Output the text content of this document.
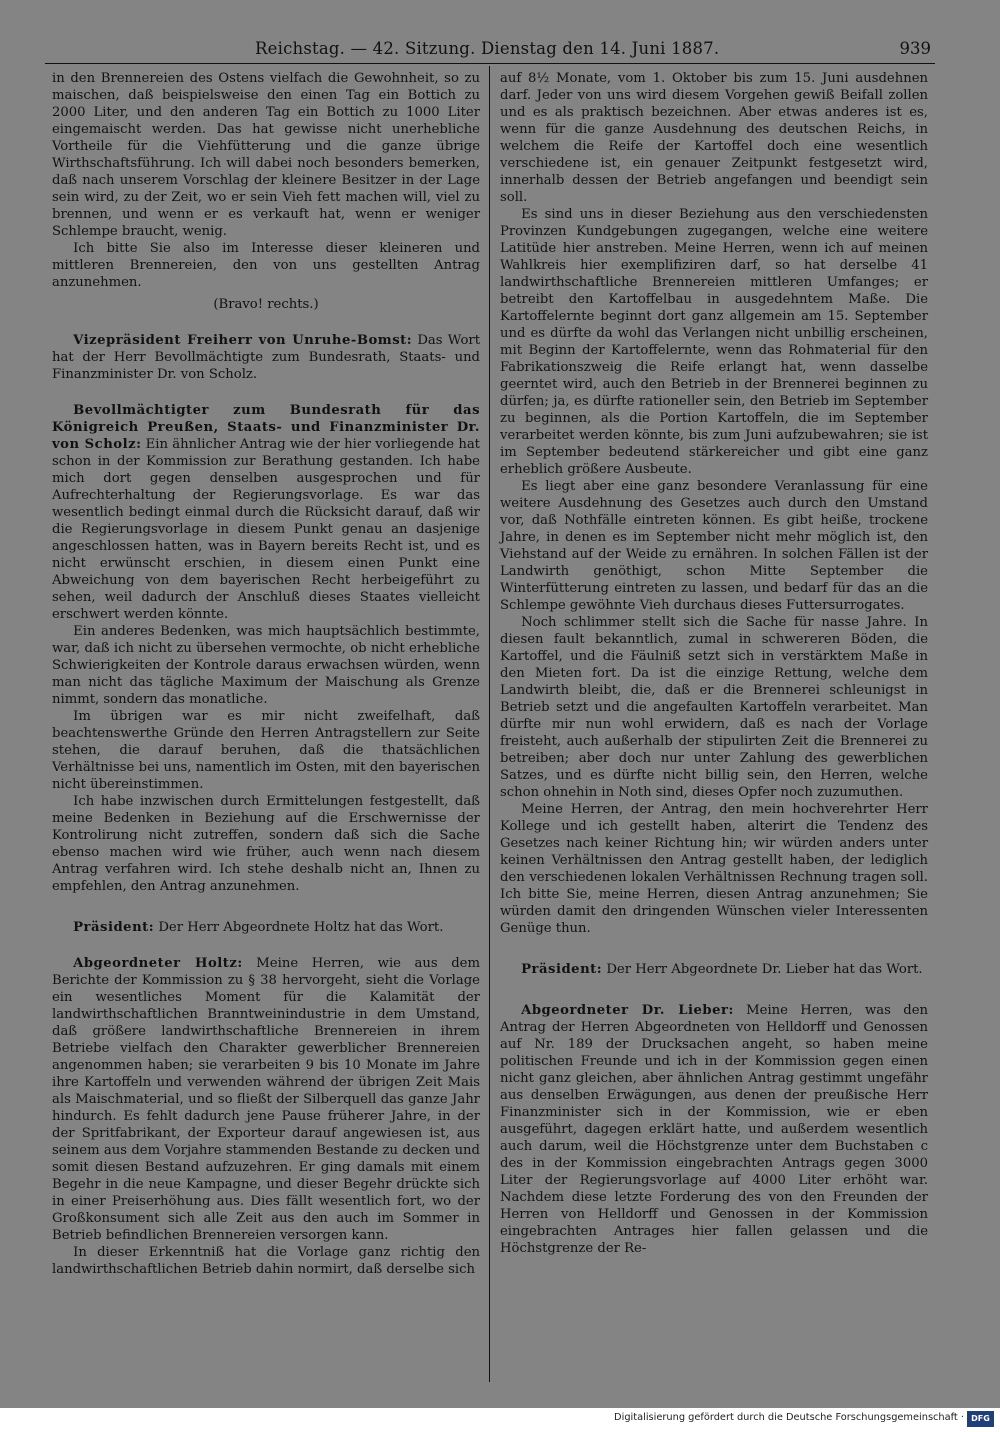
Reichstag. — 42. Sitzung. Dienstag den 14. Juni 1887.	939

in den Brennereien des Ostens vielfach die Gewohnheit, so zu maischen, daß beispielsweise den einen Tag ein Bottich zu 2000 Liter, und den anderen Tag ein Bottich zu 1000 Liter eingemaischt werden. Das hat gewisse nicht unerhebliche Vortheile für die Viehfütterung und die ganze übrige Wirthschaftsführung. Ich will dabei noch besonders bemerken, daß nach unserem Vorschlag der kleinere Besitzer in der Lage sein wird, zu der Zeit, wo er sein Vieh fett machen will, viel zu brennen, und wenn er es verkauft hat, wenn er weniger Schlempe braucht, wenig.

Ich bitte Sie also im Interesse dieser kleineren und mittleren Brennereien, den von uns gestellten Antrag anzunehmen.

(Bravo! rechts.)

Vizepräsident Freiherr von Unruhe-Bomst: Das Wort hat der Herr Bevollmächtigte zum Bundesrath, Staats- und Finanzminister Dr. von Scholz.

Bevollmächtigter zum Bundesrath für das Königreich Preußen, Staats- und Finanzminister Dr. von Scholz: Ein ähnlicher Antrag wie der hier vorliegende hat schon in der Kommission zur Berathung gestanden. Ich habe mich dort gegen denselben ausgesprochen und für Aufrechterhaltung der Regierungsvorlage. Es war das wesentlich bedingt einmal durch die Rücksicht darauf, daß wir die Regierungsvorlage in diesem Punkt genau an dasjenige angeschlossen hatten, was in Bayern bereits Recht ist, und es nicht erwünscht erschien, in diesem einen Punkt eine Abweichung von dem bayerischen Recht herbeigeführt zu sehen, weil dadurch der Anschluß dieses Staates vielleicht erschwert werden könnte.

Ein anderes Bedenken, was mich hauptsächlich bestimmte, war, daß ich nicht zu übersehen vermochte, ob nicht erhebliche Schwierigkeiten der Kontrole daraus erwachsen würden, wenn man nicht das tägliche Maximum der Maischung als Grenze nimmt, sondern das monatliche.

Im übrigen war es mir nicht zweifelhaft, daß beachtenswerthe Gründe den Herren Antragstellern zur Seite stehen, die darauf beruhen, daß die thatsächlichen Verhältnisse bei uns, namentlich im Osten, mit den bayerischen nicht übereinstimmen.

Ich habe inzwischen durch Ermittelungen festgestellt, daß meine Bedenken in Beziehung auf die Erschwernisse der Kontrolirung nicht zutreffen, sondern daß sich die Sache ebenso machen wird wie früher, auch wenn nach diesem Antrag verfahren wird. Ich stehe deshalb nicht an, Ihnen zu empfehlen, den Antrag anzunehmen.

Präsident: Der Herr Abgeordnete Holtz hat das Wort.

Abgeordneter Holtz: Meine Herren, wie aus dem Berichte der Kommission zu § 38 hervorgeht, sieht die Vorlage ein wesentliches Moment für die Kalamität der landwirthschaftlichen Branntweinindustrie in dem Umstand, daß größere landwirthschaftliche Brennereien in ihrem Betriebe vielfach den Charakter gewerblicher Brennereien angenommen haben; sie verarbeiten 9 bis 10 Monate im Jahre ihre Kartoffeln und verwenden während der übrigen Zeit Mais als Maischmaterial, und so fließt der Silberquell das ganze Jahr hindurch. Es fehlt dadurch jene Pause früherer Jahre, in der der Spritfabrikant, der Exporteur darauf angewiesen ist, aus seinem aus dem Vorjahre stammenden Bestande zu decken und somit diesen Bestand aufzuzehren. Er ging damals mit einem Begehr in die neue Kampagne, und dieser Begehr drückte sich in einer Preiserhöhung aus. Dies fällt wesentlich fort, wo der Großkonsument sich alle Zeit aus den auch im Sommer in Betrieb befindlichen Brennereien versorgen kann.

In dieser Erkenntniß hat die Vorlage ganz richtig den landwirthschaftlichen Betrieb dahin normirt, daß derselbe sich

auf 8½ Monate, vom 1. Oktober bis zum 15. Juni ausdehnen darf. Jeder von uns wird diesem Vorgehen gewiß Beifall zollen und es als praktisch bezeichnen. Aber etwas anderes ist es, wenn für die ganze Ausdehnung des deutschen Reichs, in welchem die Reife der Kartoffel doch eine wesentlich verschiedene ist, ein genauer Zeitpunkt festgesetzt wird, innerhalb dessen der Betrieb angefangen und beendigt sein soll.

Es sind uns in dieser Beziehung aus den verschiedensten Provinzen Kundgebungen zugegangen, welche eine weitere Latitüde hier anstreben. Meine Herren, wenn ich auf meinen Wahlkreis hier exemplifiziren darf, so hat derselbe 41 landwirthschaftliche Brennereien mittleren Umfanges; er betreibt den Kartoffelbau in ausgedehntem Maße. Die Kartoffelernte beginnt dort ganz allgemein am 15. September und es dürfte da wohl das Verlangen nicht unbillig erscheinen, mit Beginn der Kartoffelernte, wenn das Rohmaterial für den Fabrikationszweig die Reife erlangt hat, wenn dasselbe geerntet wird, auch den Betrieb in der Brennerei beginnen zu dürfen; ja, es dürfte rationeller sein, den Betrieb im September zu beginnen, als die Portion Kartoffeln, die im September verarbeitet werden könnte, bis zum Juni aufzubewahren; sie ist im September bedeutend stärkereicher und gibt eine ganz erheblich größere Ausbeute.

Es liegt aber eine ganz besondere Veranlassung für eine weitere Ausdehnung des Gesetzes auch durch den Umstand vor, daß Nothfälle eintreten können. Es gibt heiße, trockene Jahre, in denen es im September nicht mehr möglich ist, den Viehstand auf der Weide zu ernähren. In solchen Fällen ist der Landwirth genöthigt, schon Mitte September die Winterfütterung eintreten zu lassen, und bedarf für das an die Schlempe gewöhnte Vieh durchaus dieses Futtersurrogates.

Noch schlimmer stellt sich die Sache für nasse Jahre. In diesen fault bekanntlich, zumal in schwereren Böden, die Kartoffel, und die Fäulniß setzt sich in verstärktem Maße in den Mieten fort. Da ist die einzige Rettung, welche dem Landwirth bleibt, die, daß er die Brennerei schleunigst in Betrieb setzt und die angefaulten Kartoffeln verarbeitet. Man dürfte mir nun wohl erwidern, daß es nach der Vorlage freisteht, auch außerhalb der stipulirten Zeit die Brennerei zu betreiben; aber doch nur unter Zahlung des gewerblichen Satzes, und es dürfte nicht billig sein, den Herren, welche schon ohnehin in Noth sind, dieses Opfer noch zuzumuthen.

Meine Herren, der Antrag, den mein hochverehrter Herr Kollege und ich gestellt haben, alterirt die Tendenz des Gesetzes nach keiner Richtung hin; wir würden anders unter keinen Verhältnissen den Antrag gestellt haben, der lediglich den verschiedenen lokalen Verhältnissen Rechnung tragen soll. Ich bitte Sie, meine Herren, diesen Antrag anzunehmen; Sie würden damit den dringenden Wünschen vieler Interessenten Genüge thun.

Präsident: Der Herr Abgeordnete Dr. Lieber hat das Wort.

Abgeordneter Dr. Lieber: Meine Herren, was den Antrag der Herren Abgeordneten von Helldorff und Genossen auf Nr. 189 der Drucksachen angeht, so haben meine politischen Freunde und ich in der Kommission gegen einen nicht ganz gleichen, aber ähnlichen Antrag gestimmt ungefähr aus denselben Erwägungen, aus denen der preußische Herr Finanzminister sich in der Kommission, wie er eben ausgeführt, dagegen erklärt hatte, und außerdem wesentlich auch darum, weil die Höchstgrenze unter dem Buchstaben c des in der Kommission eingebrachten Antrags gegen 3000 Liter der Regierungsvorlage auf 4000 Liter erhöht war. Nachdem diese letzte Forderung des von den Freunden der Herren von Helldorff und Genossen in der Kommission eingebrachten Antrages hier fallen gelassen und die Höchstgrenze der Re-

Digitalisierung gefördert durch die Deutsche Forschungsgemeinschaft · DFG
